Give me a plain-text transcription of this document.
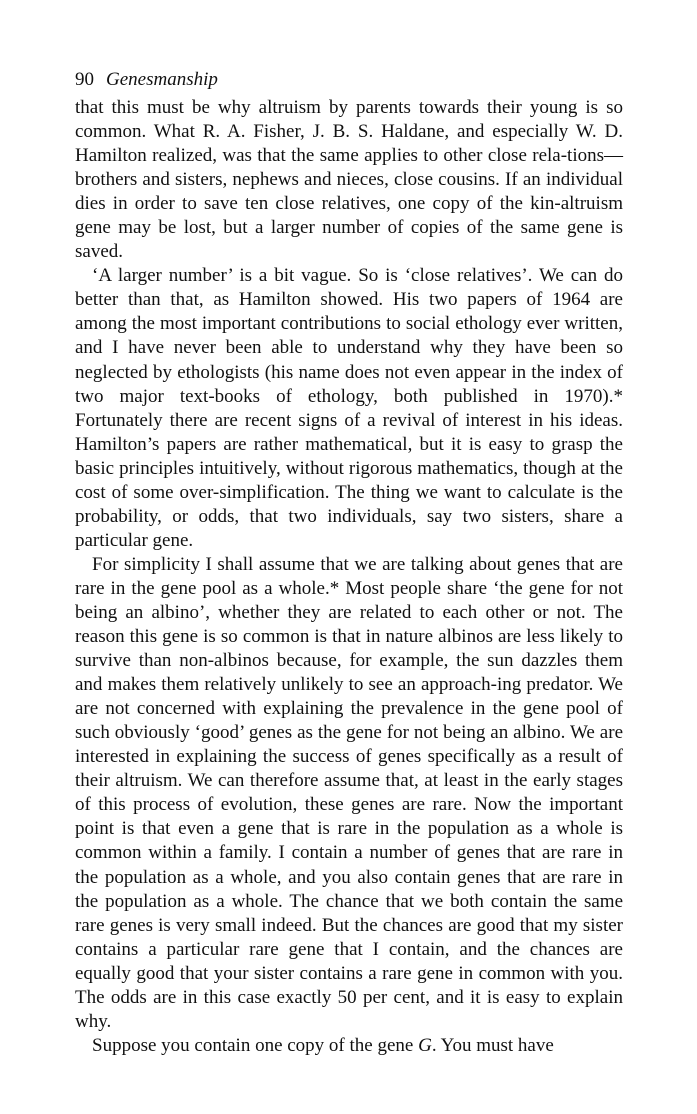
90 Genesmanship

that this must be why altruism by parents towards their young is so common. What R. A. Fisher, J. B. S. Haldane, and especially W. D. Hamilton realized, was that the same applies to other close rela-tions—brothers and sisters, nephews and nieces, close cousins. If an individual dies in order to save ten close relatives, one copy of the kin-altruism gene may be lost, but a larger number of copies of the same gene is saved.

‘A larger number’ is a bit vague. So is ‘close relatives’. We can do better than that, as Hamilton showed. His two papers of 1964 are among the most important contributions to social ethology ever written, and I have never been able to understand why they have been so neglected by ethologists (his name does not even appear in the index of two major text-books of ethology, both published in 1970).* Fortunately there are recent signs of a revival of interest in his ideas. Hamilton’s papers are rather mathematical, but it is easy to grasp the basic principles intuitively, without rigorous mathematics, though at the cost of some over-simplification. The thing we want to calculate is the probability, or odds, that two individuals, say two sisters, share a particular gene.

For simplicity I shall assume that we are talking about genes that are rare in the gene pool as a whole.* Most people share ‘the gene for not being an albino’, whether they are related to each other or not. The reason this gene is so common is that in nature albinos are less likely to survive than non-albinos because, for example, the sun dazzles them and makes them relatively unlikely to see an approach-ing predator. We are not concerned with explaining the prevalence in the gene pool of such obviously ‘good’ genes as the gene for not being an albino. We are interested in explaining the success of genes specifically as a result of their altruism. We can therefore assume that, at least in the early stages of this process of evolution, these genes are rare. Now the important point is that even a gene that is rare in the population as a whole is common within a family. I contain a number of genes that are rare in the population as a whole, and you also contain genes that are rare in the population as a whole. The chance that we both contain the same rare genes is very small indeed. But the chances are good that my sister contains a particular rare gene that I contain, and the chances are equally good that your sister contains a rare gene in common with you. The odds are in this case exactly 50 per cent, and it is easy to explain why.

Suppose you contain one copy of the gene G. You must have
